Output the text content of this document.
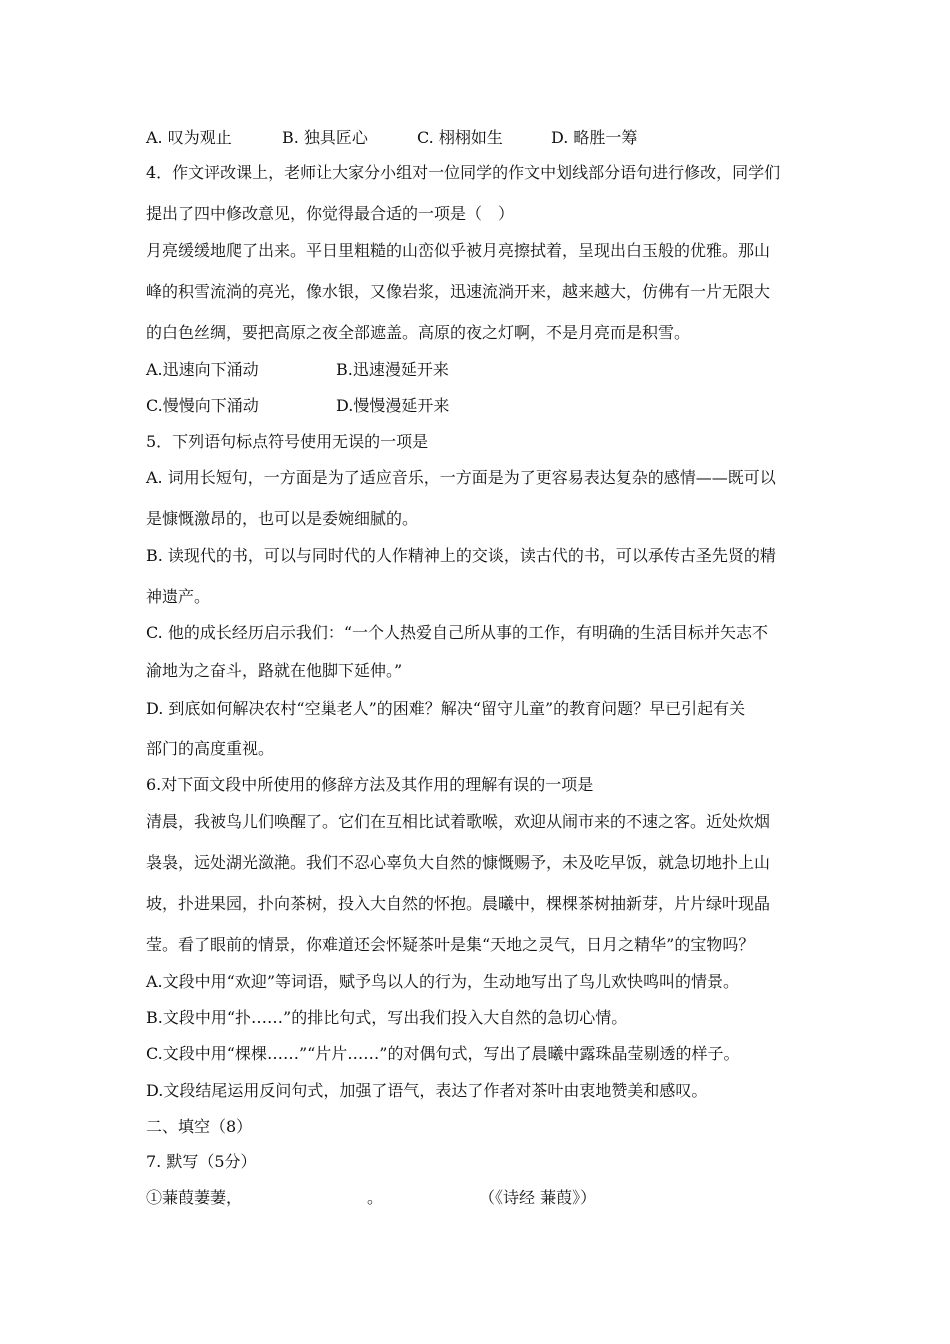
A. 叹为观止	B. 独具匠心	C. 栩栩如生	D. 略胜一筹
4．作文评改课上，老师让大家分小组对一位同学的作文中划线部分语句进行修改，同学们
提出了四中修改意见，你觉得最合适的一项是（　）
月亮缓缓地爬了出来。平日里粗糙的山峦似乎被月亮擦拭着，呈现出白玉般的优雅。那山
峰的积雪流淌的亮光，像水银，又像岩浆，迅速流淌开来，越来越大，仿佛有一片无限大
的白色丝绸，要把高原之夜全部遮盖。高原的夜之灯啊，不是月亮而是积雪。
A.迅速向下涌动	B.迅速漫延开来
C.慢慢向下涌动	D.慢慢漫延开来
5．下列语句标点符号使用无误的一项是
A. 词用长短句，一方面是为了适应音乐，一方面是为了更容易表达复杂的感情——既可以
是慷慨激昂的，也可以是委婉细腻的。
B. 读现代的书，可以与同时代的人作精神上的交谈，读古代的书，可以承传古圣先贤的精
神遗产。
C. 他的成长经历启示我们：“一个人热爱自己所从事的工作，有明确的生活目标并矢志不
渝地为之奋斗，路就在他脚下延伸。”
D. 到底如何解决农村“空巢老人”的困难？解决“留守儿童”的教育问题？早已引起有关
部门的高度重视。
6.对下面文段中所使用的修辞方法及其作用的理解有误的一项是
清晨，我被鸟儿们唤醒了。它们在互相比试着歌喉，欢迎从闹市来的不速之客。近处炊烟
袅袅，远处湖光潋滟。我们不忍心辜负大自然的慷慨赐予，未及吃早饭，就急切地扑上山
坡，扑进果园，扑向茶树，投入大自然的怀抱。晨曦中，棵棵茶树抽新芽，片片绿叶现晶
莹。看了眼前的情景，你难道还会怀疑茶叶是集“天地之灵气，日月之精华”的宝物吗？
A.文段中用“欢迎”等词语，赋予鸟以人的行为，生动地写出了鸟儿欢快鸣叫的情景。
B.文段中用“扑……”的排比句式，写出我们投入大自然的急切心情。
C.文段中用“棵棵……”“片片……”的对偶句式，写出了晨曦中露珠晶莹剔透的样子。
D.文段结尾运用反问句式，加强了语气，表达了作者对茶叶由衷地赞美和感叹。
二、填空（8）
7. 默写（5分）
①蒹葭萋萋，	。	（《诗经 蒹葭》）
